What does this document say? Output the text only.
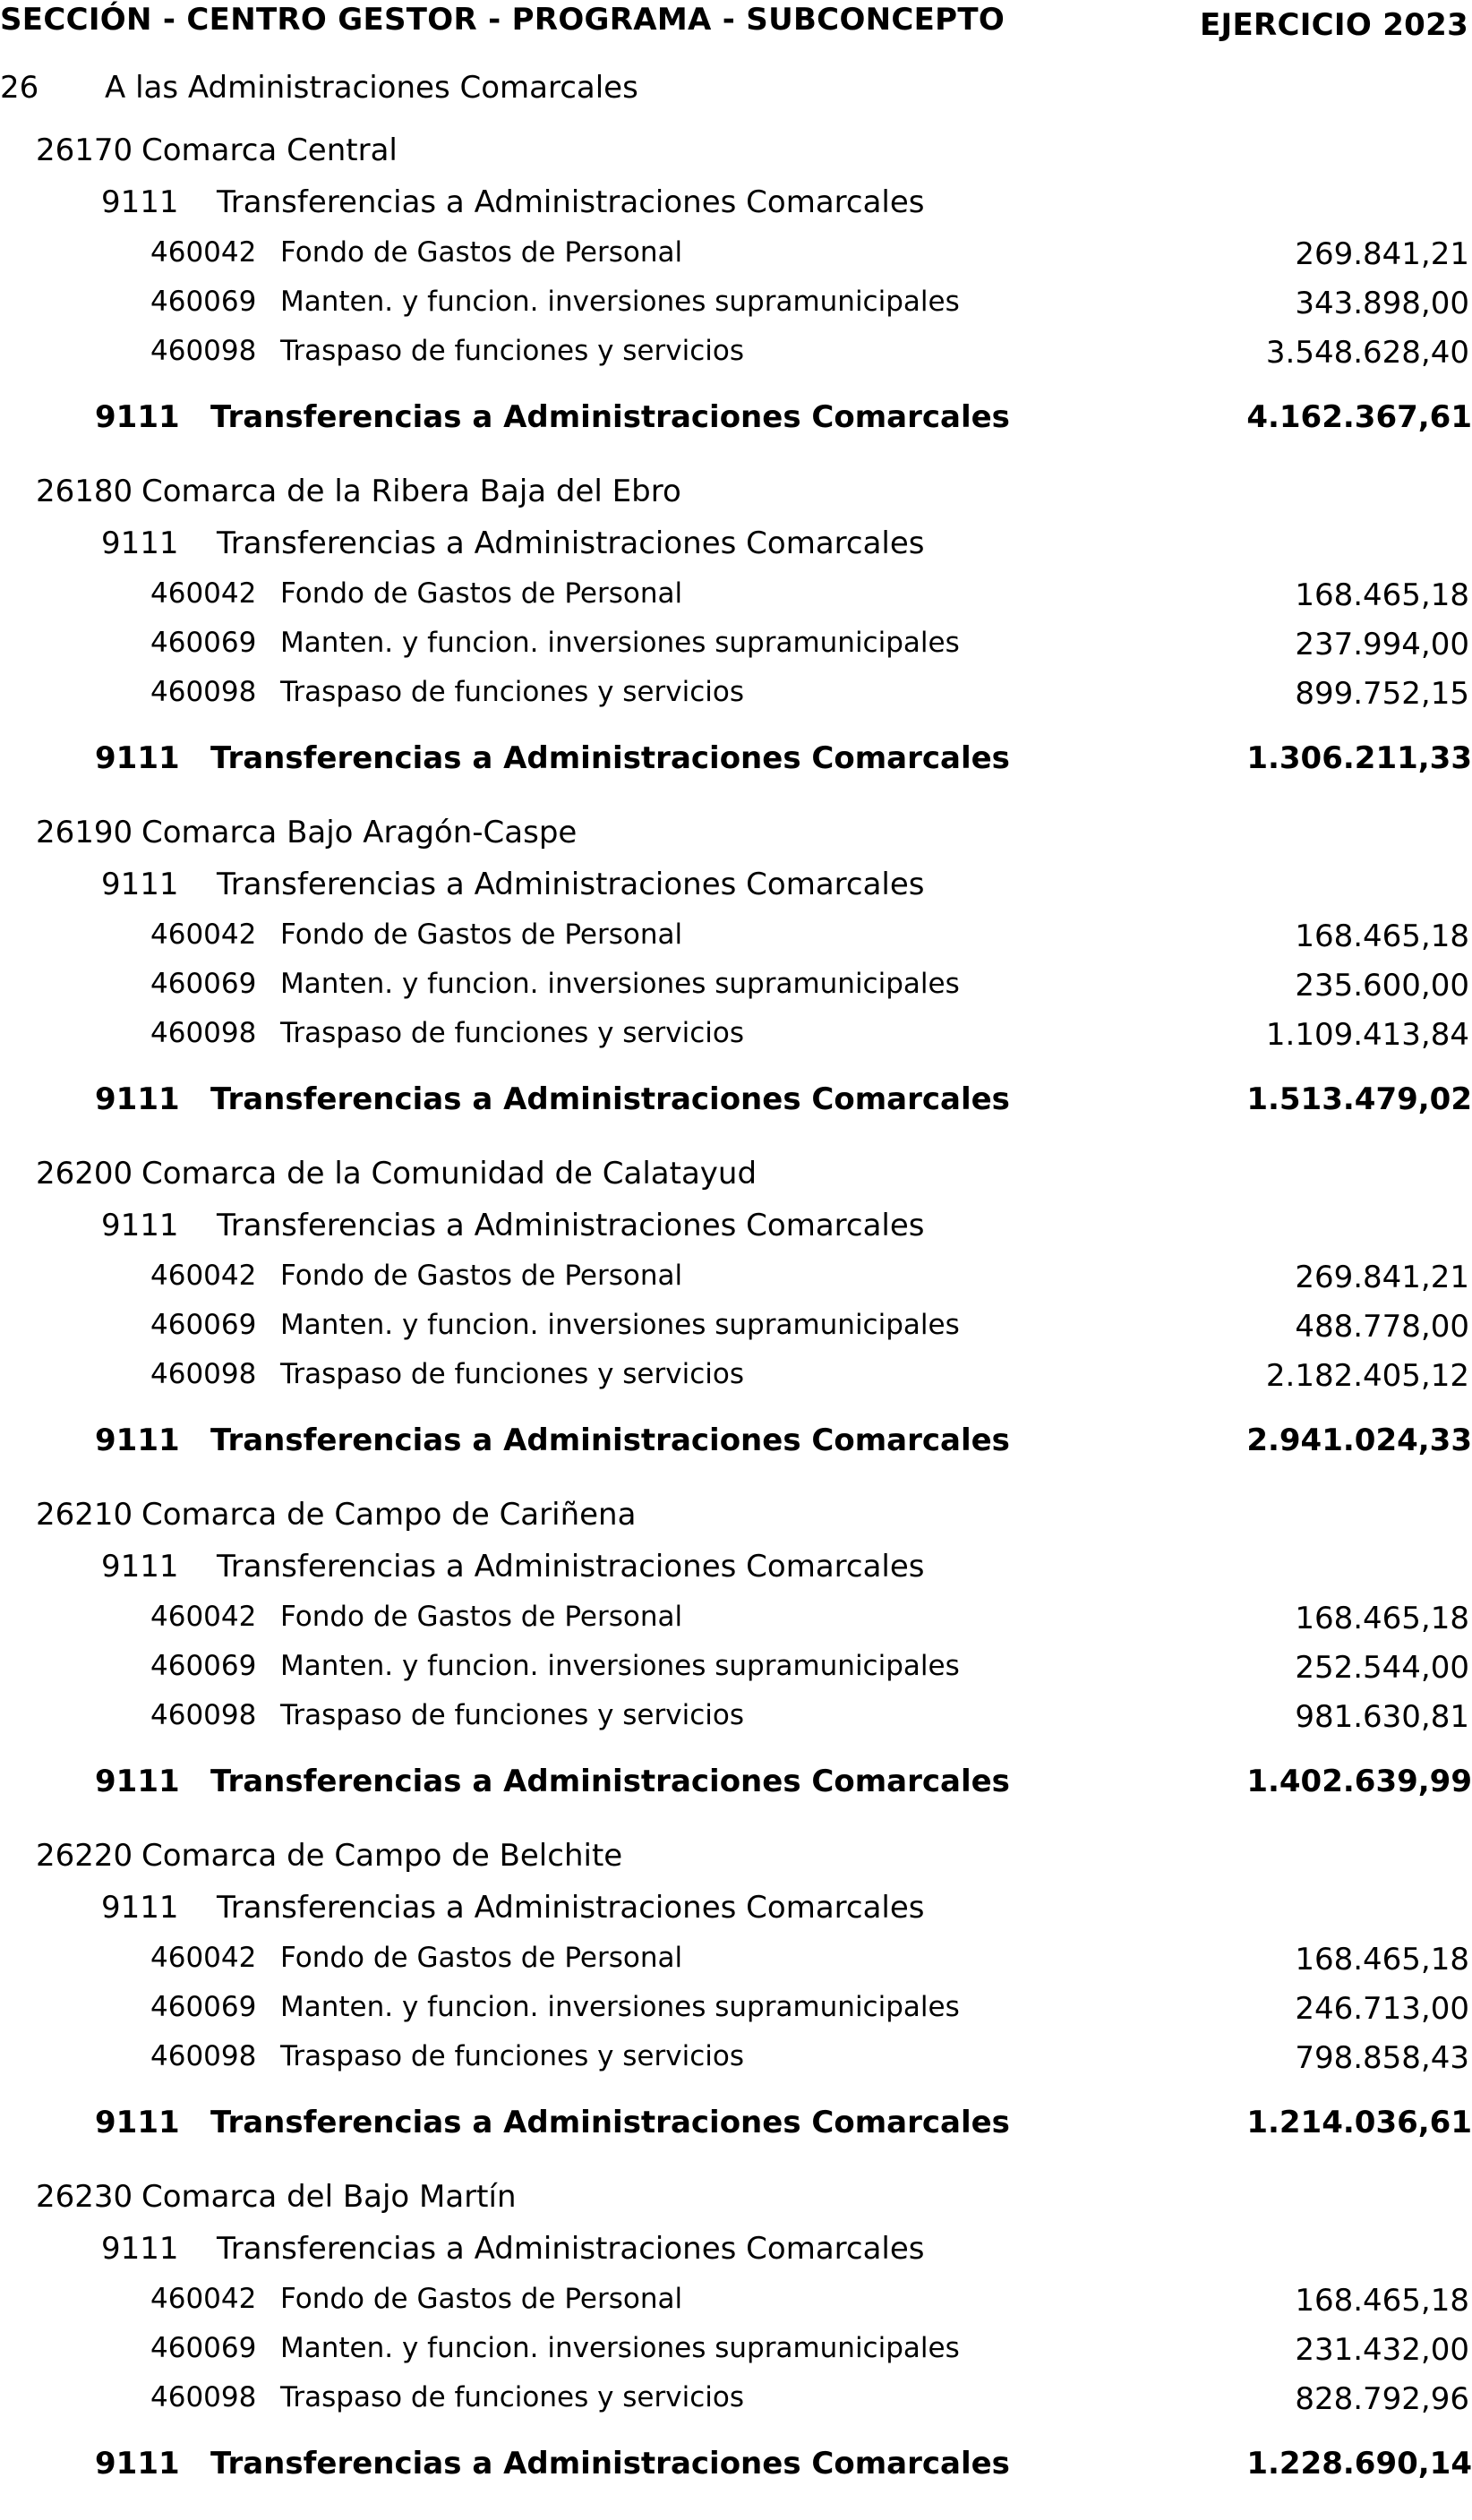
SECCIÓN - CENTRO GESTOR - PROGRAMA - SUBCONCEPTO	EJERCICIO 2023
26 A las Administraciones Comarcales
26170 Comarca Central
9111 Transferencias a Administraciones Comarcales
460042 Fondo de Gastos de Personal	269.841,21
460069 Manten. y funcion. inversiones supramunicipales	343.898,00
460098 Traspaso de funciones y servicios	3.548.628,40
9111 Transferencias a Administraciones Comarcales	4.162.367,61
26180 Comarca de la Ribera Baja del Ebro
9111 Transferencias a Administraciones Comarcales
460042 Fondo de Gastos de Personal	168.465,18
460069 Manten. y funcion. inversiones supramunicipales	237.994,00
460098 Traspaso de funciones y servicios	899.752,15
9111 Transferencias a Administraciones Comarcales	1.306.211,33
26190 Comarca Bajo Aragón-Caspe
9111 Transferencias a Administraciones Comarcales
460042 Fondo de Gastos de Personal	168.465,18
460069 Manten. y funcion. inversiones supramunicipales	235.600,00
460098 Traspaso de funciones y servicios	1.109.413,84
9111 Transferencias a Administraciones Comarcales	1.513.479,02
26200 Comarca de la Comunidad de Calatayud
9111 Transferencias a Administraciones Comarcales
460042 Fondo de Gastos de Personal	269.841,21
460069 Manten. y funcion. inversiones supramunicipales	488.778,00
460098 Traspaso de funciones y servicios	2.182.405,12
9111 Transferencias a Administraciones Comarcales	2.941.024,33
26210 Comarca de Campo de Cariñena
9111 Transferencias a Administraciones Comarcales
460042 Fondo de Gastos de Personal	168.465,18
460069 Manten. y funcion. inversiones supramunicipales	252.544,00
460098 Traspaso de funciones y servicios	981.630,81
9111 Transferencias a Administraciones Comarcales	1.402.639,99
26220 Comarca de Campo de Belchite
9111 Transferencias a Administraciones Comarcales
460042 Fondo de Gastos de Personal	168.465,18
460069 Manten. y funcion. inversiones supramunicipales	246.713,00
460098 Traspaso de funciones y servicios	798.858,43
9111 Transferencias a Administraciones Comarcales	1.214.036,61
26230 Comarca del Bajo Martín
9111 Transferencias a Administraciones Comarcales
460042 Fondo de Gastos de Personal	168.465,18
460069 Manten. y funcion. inversiones supramunicipales	231.432,00
460098 Traspaso de funciones y servicios	828.792,96
9111 Transferencias a Administraciones Comarcales	1.228.690,14
